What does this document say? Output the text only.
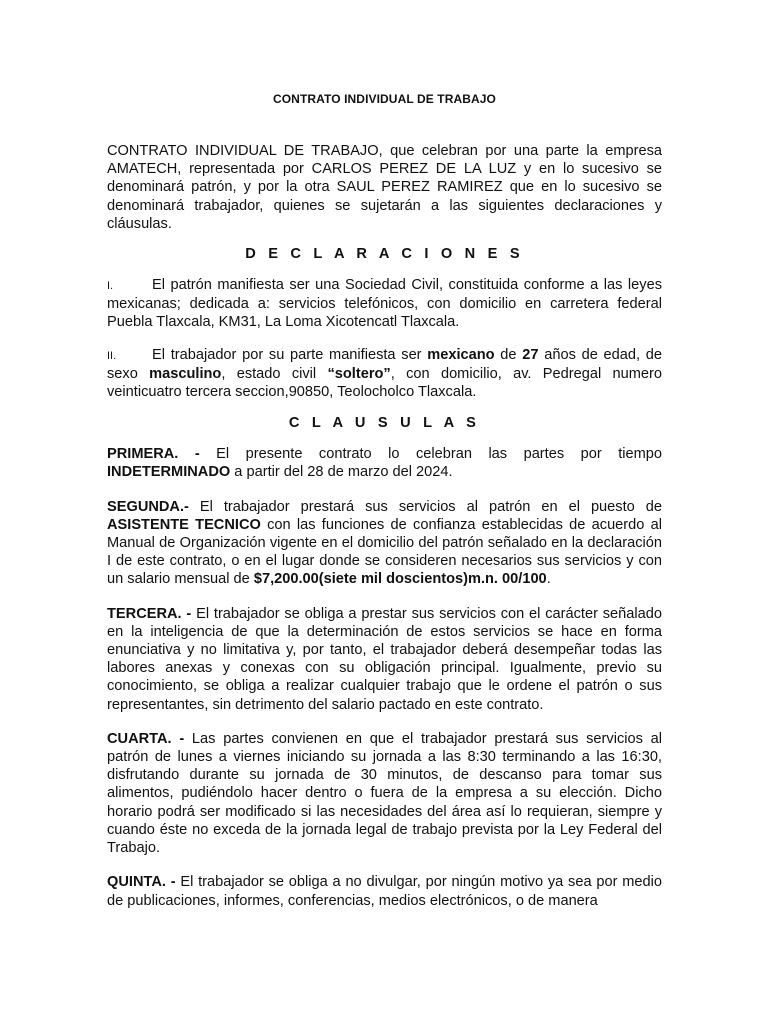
CONTRATO INDIVIDUAL DE TRABAJO

CONTRATO INDIVIDUAL DE TRABAJO, que celebran por una parte la empresa AMATECH, representada por CARLOS PEREZ DE LA LUZ y en lo sucesivo se denominará patrón, y por la otra SAUL PEREZ RAMIREZ que en lo sucesivo se denominará trabajador, quienes se sujetarán a las siguientes declaraciones y cláusulas.

D E C L A R A C I O N E S

I.	El patrón manifiesta ser una Sociedad Civil, constituida conforme a las leyes mexicanas; dedicada a: servicios telefónicos, con domicilio en carretera federal Puebla Tlaxcala, KM31, La Loma Xicotencatl Tlaxcala.

II. El trabajador por su parte manifiesta ser mexicano de 27 años de edad, de sexo masculino, estado civil “soltero”, con domicilio, av. Pedregal numero veinticuatro tercera seccion,90850, Teolocholco Tlaxcala.

C L A U S U L A S

PRIMERA. - El presente contrato lo celebran las partes por tiempo INDETERMINADO a partir del 28 de marzo del 2024.

SEGUNDA.- El trabajador prestará sus servicios al patrón en el puesto de ASISTENTE TECNICO con las funciones de confianza establecidas de acuerdo al Manual de Organización vigente en el domicilio del patrón señalado en la declaración I de este contrato, o en el lugar donde se consideren necesarios sus servicios y con un salario mensual de $7,200.00(siete mil doscientos)m.n. 00/100.

TERCERA. - El trabajador se obliga a prestar sus servicios con el carácter señalado en la inteligencia de que la determinación de estos servicios se hace en forma enunciativa y no limitativa y, por tanto, el trabajador deberá desempeñar todas las labores anexas y conexas con su obligación principal. Igualmente, previo su conocimiento, se obliga a realizar cualquier trabajo que le ordene el patrón o sus representantes, sin detrimento del salario pactado en este contrato.

CUARTA. - Las partes convienen en que el trabajador prestará sus servicios al patrón de lunes a viernes iniciando su jornada a las 8:30 terminando a las 16:30, disfrutando durante su jornada de 30 minutos, de descanso para tomar sus alimentos, pudiéndolo hacer dentro o fuera de la empresa a su elección. Dicho horario podrá ser modificado si las necesidades del área así lo requieran, siempre y cuando éste no exceda de la jornada legal de trabajo prevista por la Ley Federal del Trabajo.

QUINTA. - El trabajador se obliga a no divulgar, por ningún motivo ya sea por medio de publicaciones, informes, conferencias, medios electrónicos, o de manera
